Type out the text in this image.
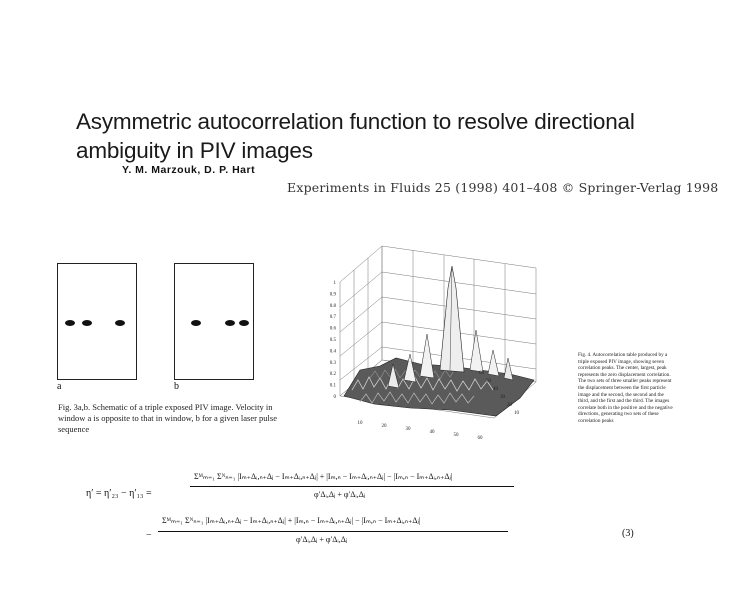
Asymmetric autocorrelation function to resolve directional ambiguity in PIV images
Y. M. Marzouk, D. P. Hart
Experiments in Fluids 25 (1998) 401–408 © Springer-Verlag 1998
a	b
Fig. 3a,b. Schematic of a triple exposed PIV image. Velocity in window a is opposite to that in window, b for a given laser pulse sequence
1
0.9
0.8
0.7
0.6
0.5
0.4
0.3
0.2
0.1
0
10
20
30
40
50
60
10
20
30
40
50
60
Fig. 4. Autocorrelation table produced by a triple exposed PIV image, showing seven correlation peaks. The center, largest, peak represents the zero displacement correlation. The two sets of three smaller peaks represent the displacement between the first particle image and the second, the second and the third, and the first and the third. The images correlate both in the positive and the negative directions, generating two sets of these correlation peaks
η′ = η′₂₃ − η′₁₃ =
Σᴹₘ₌₁ Σᴺₙ₌₁ |Iₘ₊Δᵢ,ₙ₊Δⱼ − Iₘ₊Δᵢ,ₙ₊Δⱼ| + |Iₘ,ₙ − Iₘ₊Δᵢ,ₙ₊Δⱼ| − |Iₘ,ₙ − Iₘ₊Δᵢ,ₙ₊Δⱼ|
φ′Δᵢ,Δⱼ + φ′Δᵢ,Δⱼ
−
Σᴹₘ₌₁ Σᴺₙ₌₁ |Iₘ₊Δᵢ,ₙ₊Δⱼ − Iₘ₊Δᵢ,ₙ₊Δⱼ| + |Iₘ,ₙ − Iₘ₊Δᵢ,ₙ₊Δⱼ| − |Iₘ,ₙ − Iₘ₊Δᵢ,ₙ₊Δⱼ|
φ′Δᵢ,Δⱼ + φ′Δᵢ,Δⱼ
(3)
